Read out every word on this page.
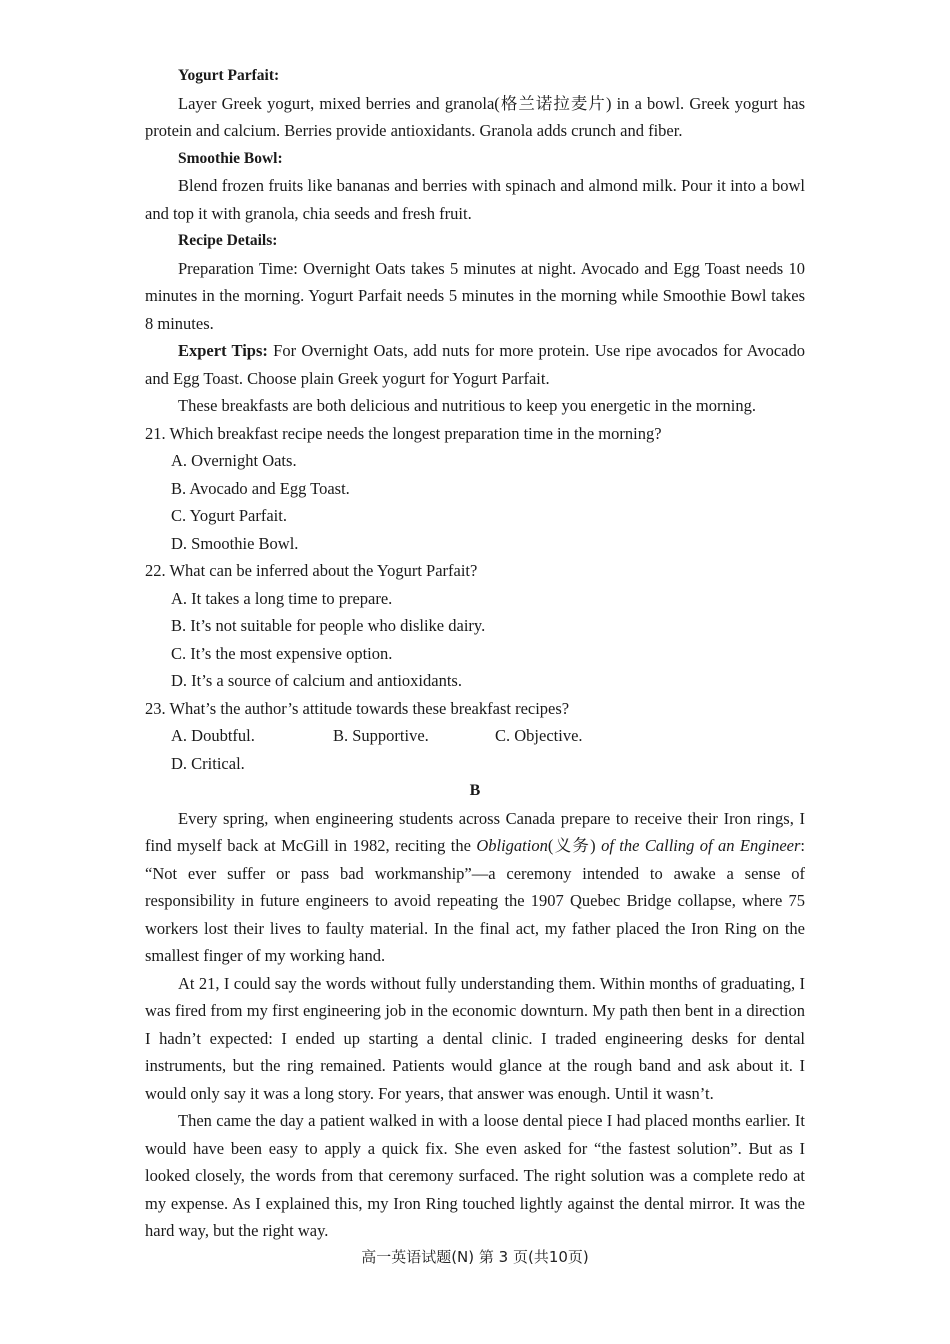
Yogurt Parfait:

Layer Greek yogurt, mixed berries and granola(格兰诺拉麦片) in a bowl. Greek yogurt has protein and calcium. Berries provide antioxidants. Granola adds crunch and fiber.

Smoothie Bowl:

Blend frozen fruits like bananas and berries with spinach and almond milk. Pour it into a bowl and top it with granola, chia seeds and fresh fruit.

Recipe Details:

Preparation Time: Overnight Oats takes 5 minutes at night. Avocado and Egg Toast needs 10 minutes in the morning. Yogurt Parfait needs 5 minutes in the morning while Smoothie Bowl takes 8 minutes.

Expert Tips: For Overnight Oats, add nuts for more protein. Use ripe avocados for Avocado and Egg Toast. Choose plain Greek yogurt for Yogurt Parfait.

These breakfasts are both delicious and nutritious to keep you energetic in the morning.

21. Which breakfast recipe needs the longest preparation time in the morning?
A. Overnight Oats.
B. Avocado and Egg Toast.
C. Yogurt Parfait.
D. Smoothie Bowl.
22. What can be inferred about the Yogurt Parfait?
A. It takes a long time to prepare.
B. It’s not suitable for people who dislike dairy.
C. It’s the most expensive option.
D. It’s a source of calcium and antioxidants.
23. What’s the author’s attitude towards these breakfast recipes?
A. Doubtful.	B. Supportive.	C. Objective.
D. Critical.
B

Every spring, when engineering students across Canada prepare to receive their Iron rings, I find myself back at McGill in 1982, reciting the Obligation(义务) of the Calling of an Engineer: “Not ever suffer or pass bad workmanship”—a ceremony intended to awake a sense of responsibility in future engineers to avoid repeating the 1907 Quebec Bridge collapse, where 75 workers lost their lives to faulty material. In the final act, my father placed the Iron Ring on the smallest finger of my working hand.

At 21, I could say the words without fully understanding them. Within months of graduating, I was fired from my first engineering job in the economic downturn. My path then bent in a direction I hadn’t expected: I ended up starting a dental clinic. I traded engineering desks for dental instruments, but the ring remained. Patients would glance at the rough band and ask about it. I would only say it was a long story. For years, that answer was enough. Until it wasn’t.

Then came the day a patient walked in with a loose dental piece I had placed months earlier. It would have been easy to apply a quick fix. She even asked for “the fastest solution”. But as I looked closely, the words from that ceremony surfaced. The right solution was a complete redo at my expense. As I explained this, my Iron Ring touched lightly against the dental mirror. It was the hard way, but the right way.

高一英语试题(N) 第 3 页(共10页)
